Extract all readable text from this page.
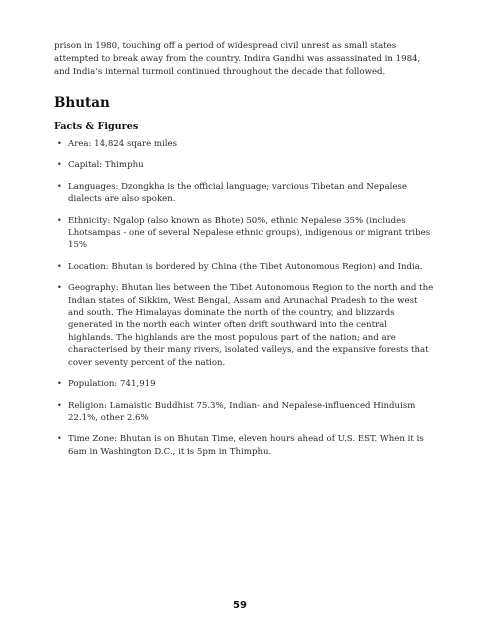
prison in 1980, touching off a period of widespread civil unrest as small states attempted to break away from the country. Indira Gandhi was assassinated in 1984, and India’s internal turmoil continued throughout the decade that followed.

Bhutan
Facts & Figures
• Area: 14,824 sqare miles
• Capital: Thimphu
• Languages: Dzongkha is the official language; varcious Tibetan and Nepalese dialects are also spoken.
• Ethnicity: Ngalop (also known as Bhote) 50%, ethnic Nepalese 35% (includes Lhotsampas - one of several Nepalese ethnic groups), indigenous or migrant tribes 15%
• Location: Bhutan is bordered by China (the Tibet Autonomous Region) and India.
• Geography: Bhutan lies between the Tibet Autonomous Region to the north and the Indian states of Sikkim, West Bengal, Assam and Arunachal Pradesh to the west and south. The Himalayas dominate the north of the country, and blizzards generated in the north each winter often drift southward into the central highlands. The highlands are the most populous part of the nation; and are characterised by their many rivers, isolated valleys, and the expansive forests that cover seventy percent of the nation.
• Population: 741,919
• Religion: Lamaistic Buddhist 75.3%, Indian- and Nepalese-influenced Hinduism 22.1%, other 2.6%
• Time Zone: Bhutan is on Bhutan Time, eleven hours ahead of U.S. EST. When it is 6am in Washington D.C., it is 5pm in Thimphu.
59
